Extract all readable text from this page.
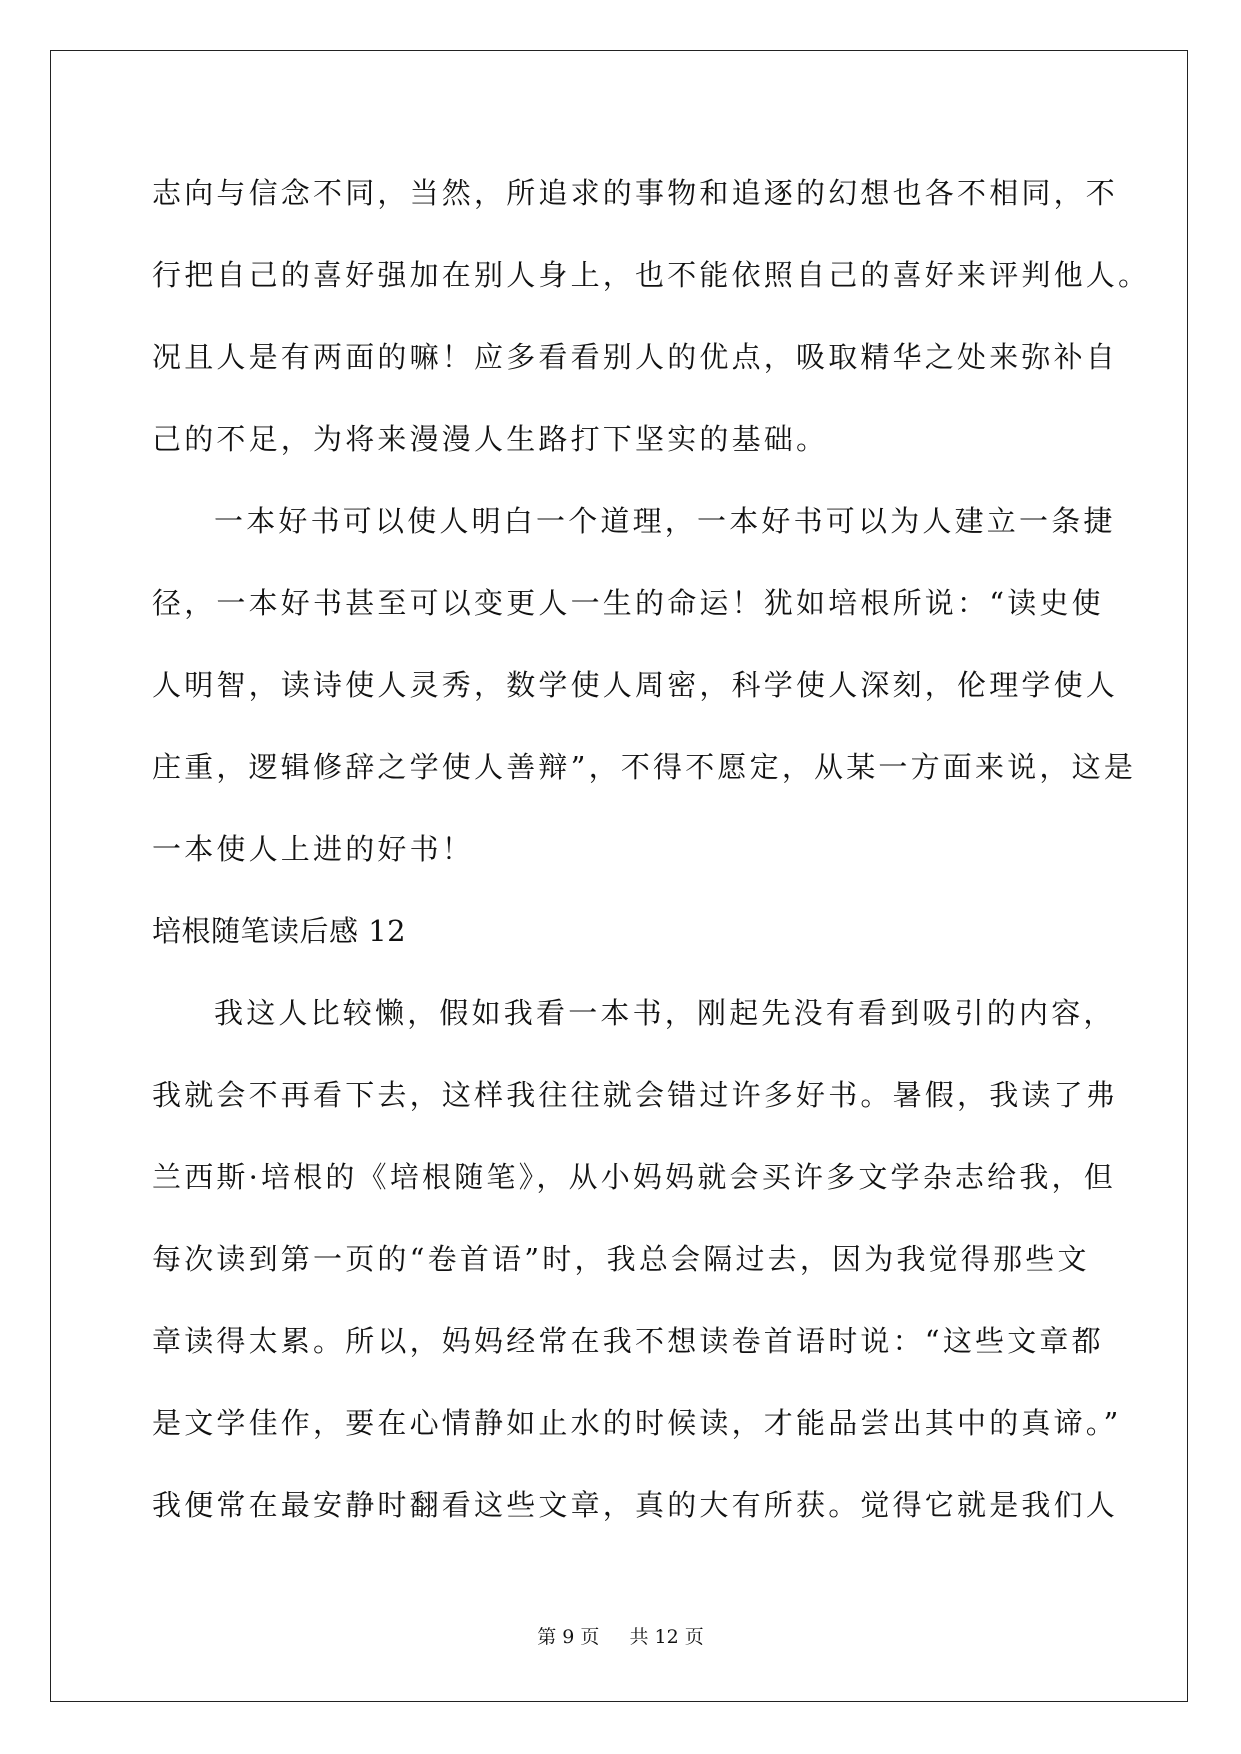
志向与信念不同，当然，所追求的事物和追逐的幻想也各不相同，不
行把自己的喜好强加在别人身上，也不能依照自己的喜好来评判他人。
况且人是有两面的嘛！应多看看别人的优点，吸取精华之处来弥补自
己的不足，为将来漫漫人生路打下坚实的基础。
一本好书可以使人明白一个道理，一本好书可以为人建立一条捷
径，一本好书甚至可以变更人一生的命运！犹如培根所说：“读史使
人明智，读诗使人灵秀，数学使人周密，科学使人深刻，伦理学使人
庄重，逻辑修辞之学使人善辩”，不得不愿定，从某一方面来说，这是
一本使人上进的好书！
培根随笔读后感 12
我这人比较懒，假如我看一本书，刚起先没有看到吸引的内容，
我就会不再看下去，这样我往往就会错过许多好书。暑假，我读了弗
兰西斯·培根的《培根随笔》，从小妈妈就会买许多文学杂志给我，但
每次读到第一页的“卷首语”时，我总会隔过去，因为我觉得那些文
章读得太累。所以，妈妈经常在我不想读卷首语时说：“这些文章都
是文学佳作，要在心情静如止水的时候读，才能品尝出其中的真谛。”
我便常在最安静时翻看这些文章，真的大有所获。觉得它就是我们人
第 9 页 共 12 页
